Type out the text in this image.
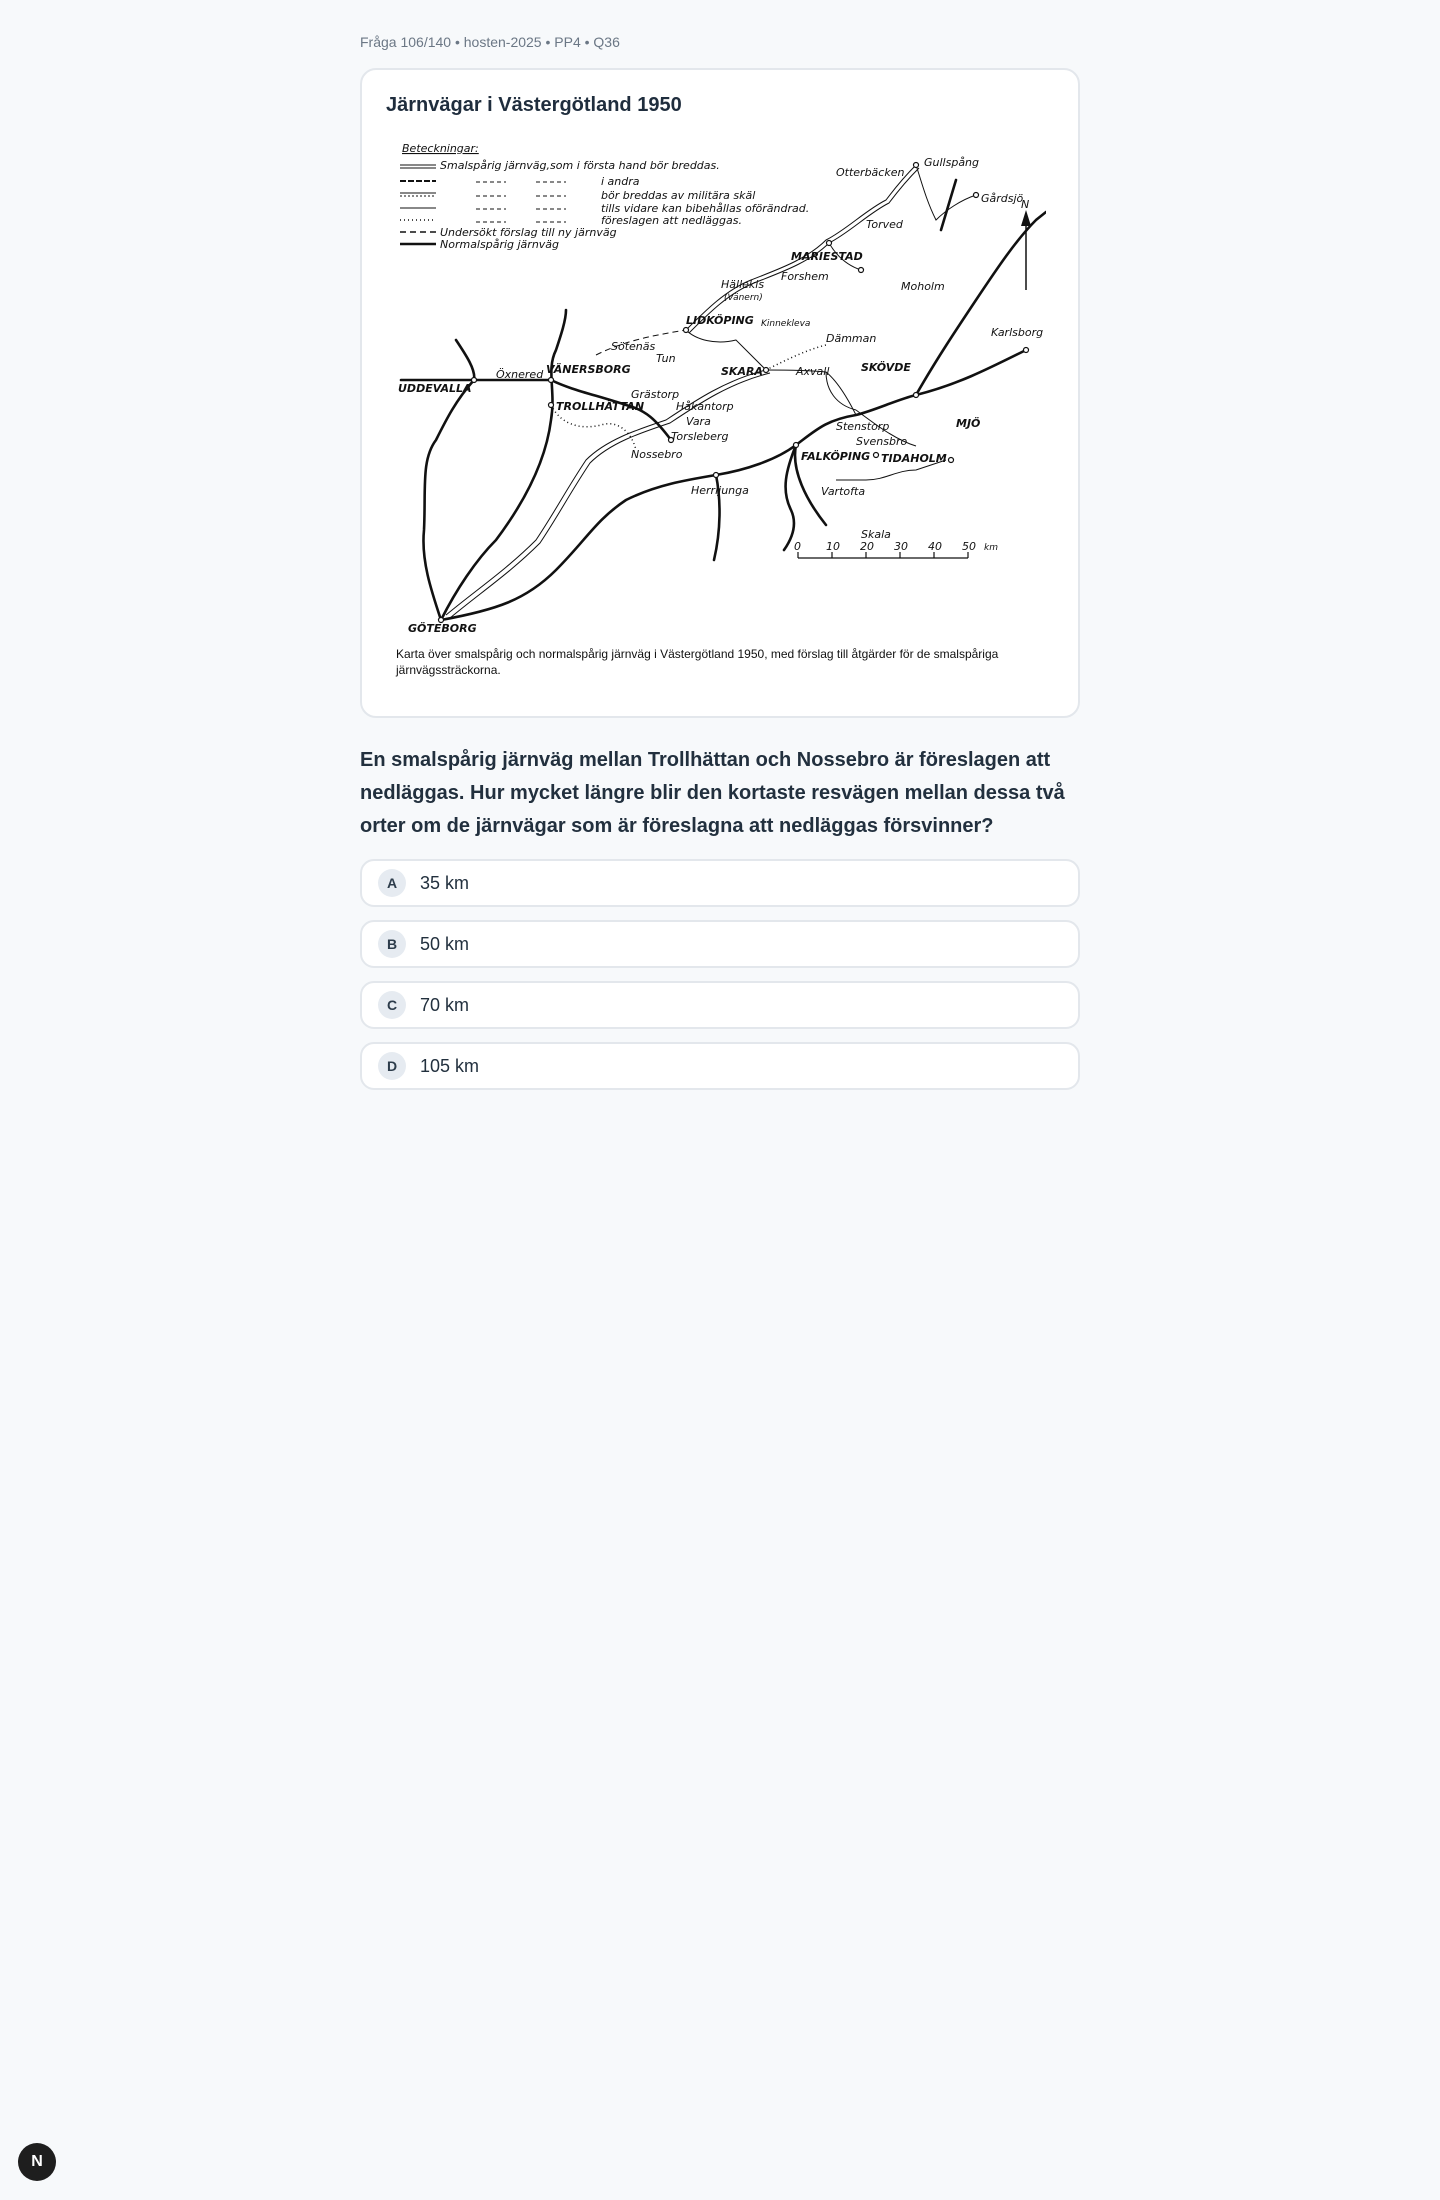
Fråga 106/140 • hosten-2025 • PP4 • Q36
Järnvägar i Västergötland 1950
Beteckningar:
Smalspårig järnväg,som i första hand bör breddas.
i andra
bör breddas av militära skäl
tills vidare kan bibehållas oförändrad.
föreslagen att nedläggas.
Undersökt förslag till ny järnväg
Normalspårig järnväg
N
UDDEVALLA
Öxnered VÄNERSBORG
TROLLHÄTTAN
GÖTEBORG
Sötenäs
Tun
Grästorp
LIDKÖPING
Hällekis
(Vänern)
Forshem
MARIESTAD
Kinnekleva
Torved
Otterbäcken
Gullspång
Gårdsjö
Moholm
Karlsborg
SKARA
Dämman
Axvall	SKÖVDE
Stenstorp	MJÖ
Svensbro
FALKÖPING TIDAHOLM
Vartofta
Herrljunga
Håkantorp
Vara
Torsleberg
Nossebro
Skala
0 10 20 30 40 50 km
Karta över smalspårig och normalspårig järnväg i Västergötland 1950, med förslag till åtgärder för de smalspåriga järnvägssträckorna.
En smalspårig järnväg mellan Trollhättan och Nossebro är föreslagen att nedläggas. Hur mycket längre blir den kortaste resvägen mellan dessa två orter om de järnvägar som är föreslagna att nedläggas försvinner?
A	35 km
B	50 km
C	70 km
D	105 km
N
